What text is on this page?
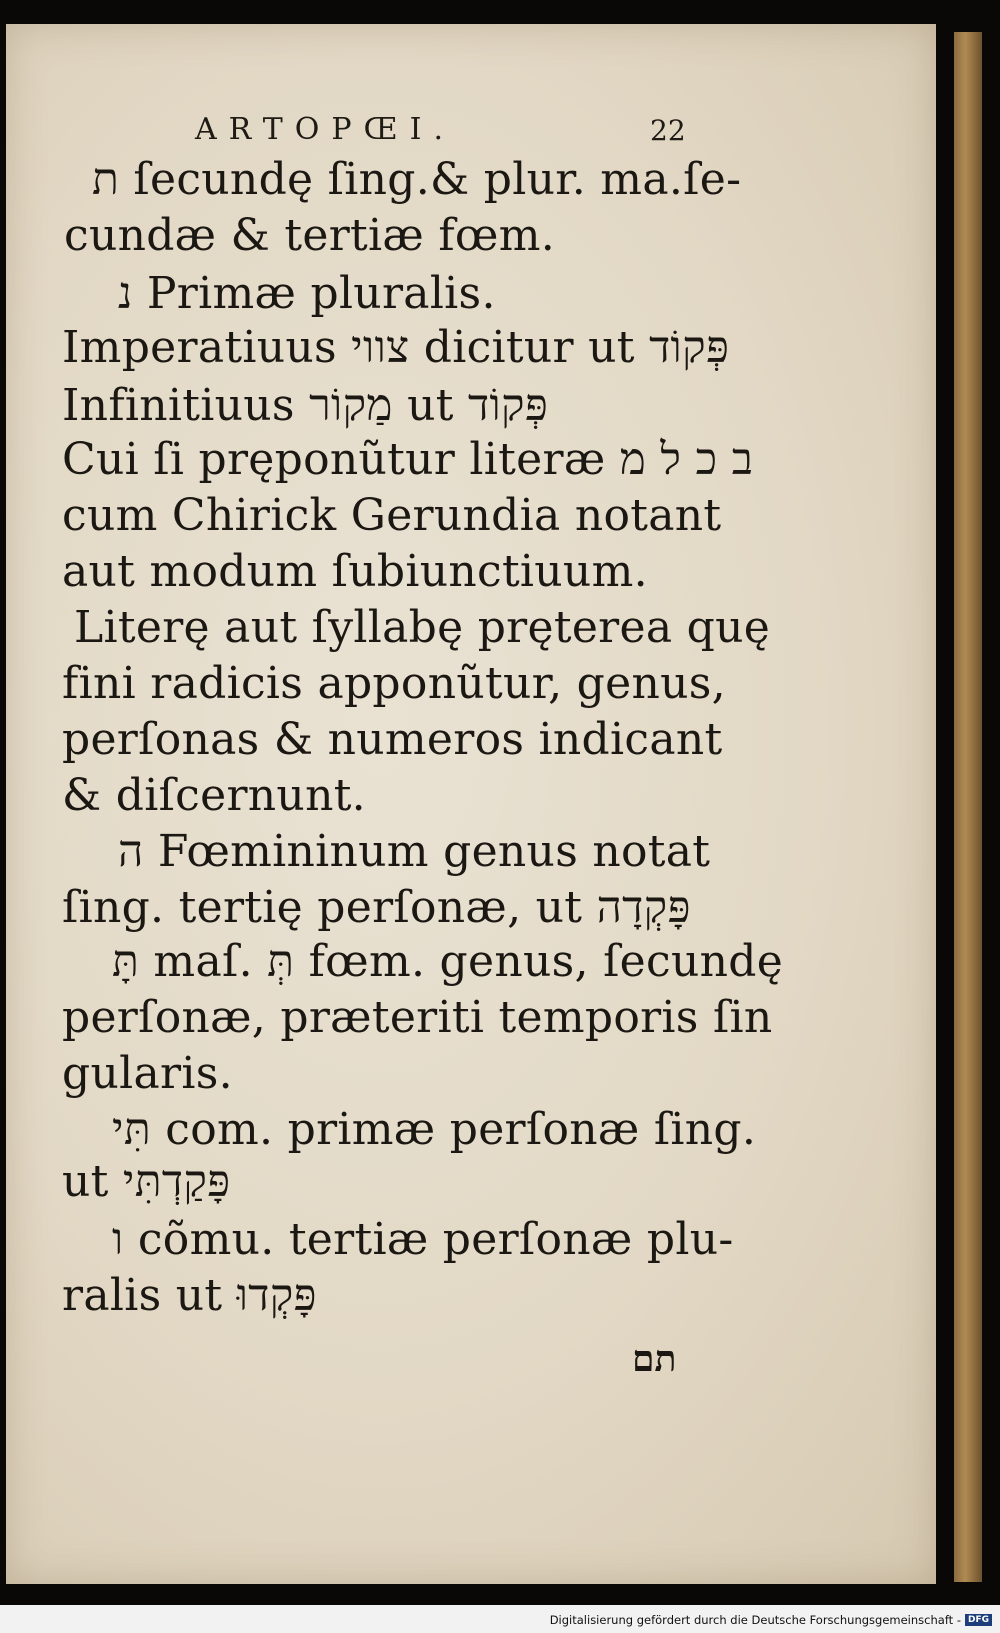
ARTOPŒI.	22
ת ſecundę ſing.& plur. ma.ſe-
cundæ & tertiæ fœm.
נ Primæ pluralis.
Imperatiuus צווי dicitur ut פְּקוֹד
Infinitiuus מַקוֹר ut פְּקוֹד
Cui ſi pręponũtur literæ ב כ ל מ
cum Chirick Gerundia notant
aut modum ſubiunctiuum.
Literę aut ſyllabę pręterea quę
fini radicis apponũtur, genus,
perſonas & numeros indicant
& diſcernunt.
ה Fœmininum genus notat
ſing. tertię perſonæ, ut פָּקְדָה
תָּ maſ. תְּ fœm. genus, ſecundę
perſonæ, præteriti temporis ſin
gularis.
תִּי com. primæ perſonæ ſing.
ut פָּקַדְתִּי
ו cõmu. tertiæ perſonæ plu-
ralis ut פָּקְדוּ
תם
Digitalisierung gefördert durch die Deutsche Forschungsgemeinschaft - DFG
